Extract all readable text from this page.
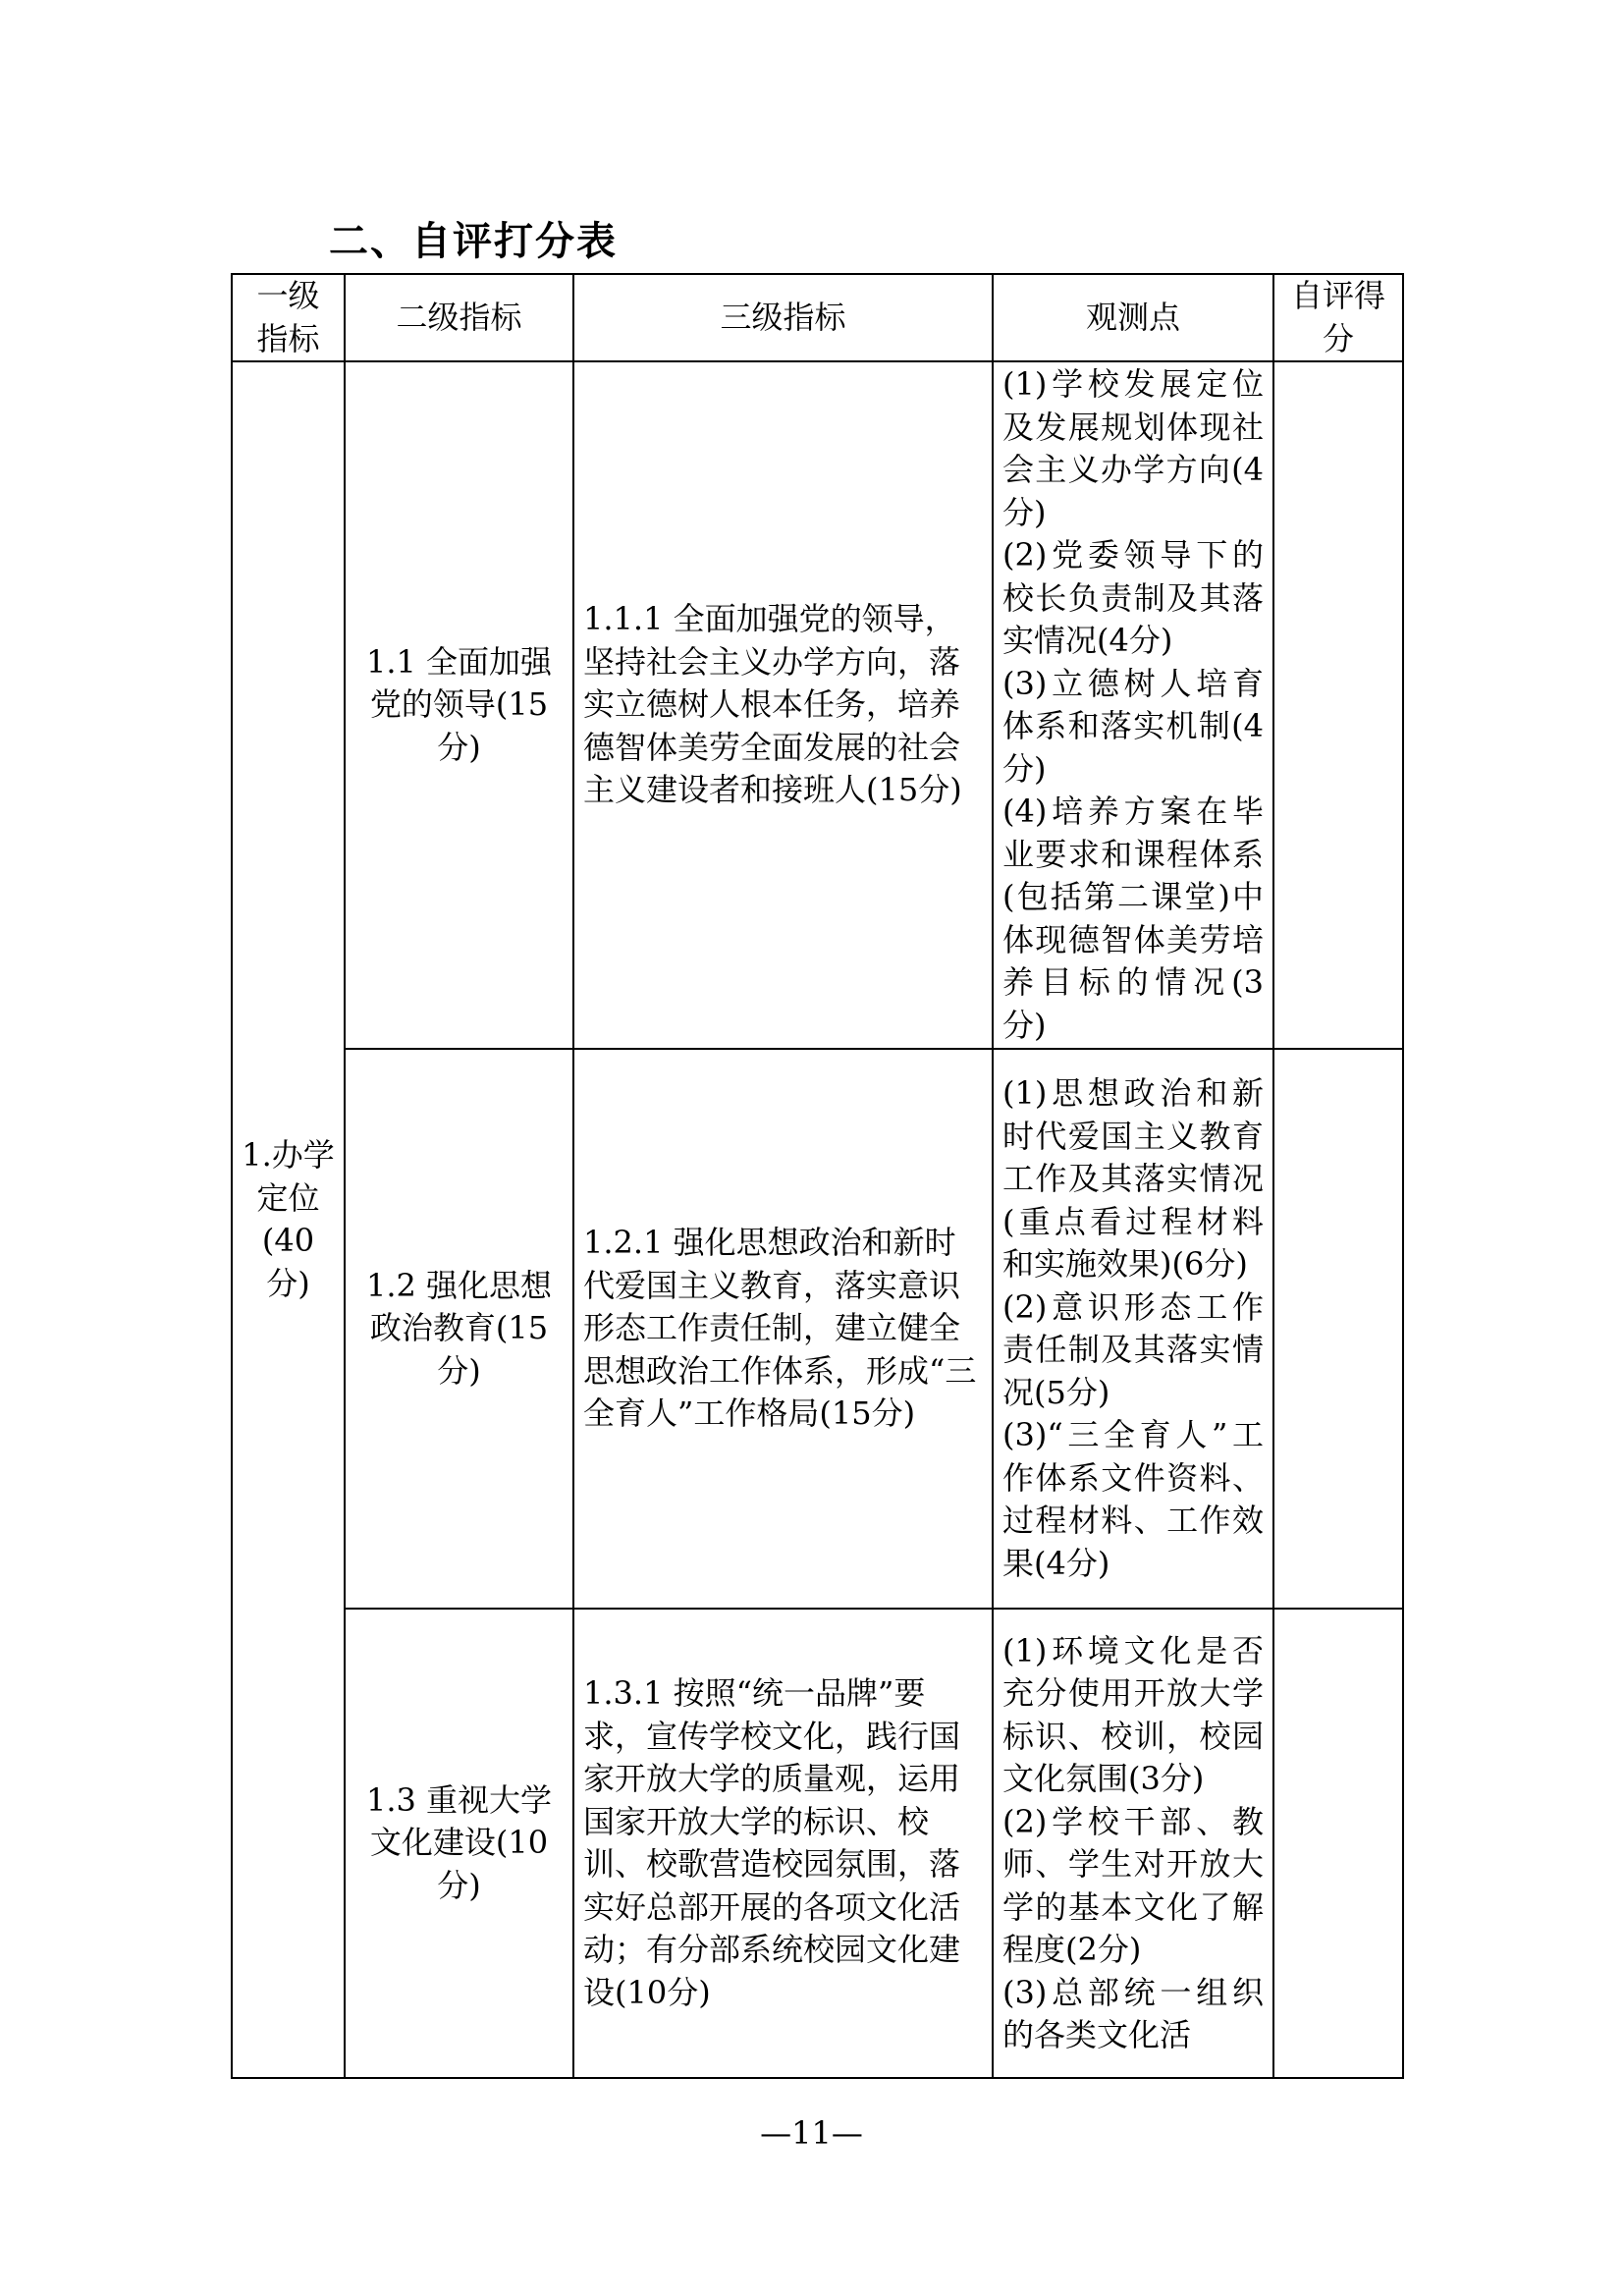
二、自评打分表
一级指标	二级指标	三级指标	观测点	自评得分
1.办学定位(40分)	1.1 全面加强党的领导(15分)	1.1.1 全面加强党的领导，坚持社会主义办学方向，落实立德树人根本任务，培养德智体美劳全面发展的社会主义建设者和接班人(15分)	(1)学校发展定位及发展规划体现社会主义办学方向(4分)
(2)党委领导下的校长负责制及其落实情况(4分)
(3)立德树人培育体系和落实机制(4分)
(4)培养方案在毕业要求和课程体系(包括第二课堂)中体现德智体美劳培养目标的情况(3分)	

	1.2 强化思想政治教育(15分)	1.2.1 强化思想政治和新时代爱国主义教育，落实意识形态工作责任制，建立健全思想政治工作体系，形成“三全育人”工作格局(15分)	(1)思想政治和新时代爱国主义教育工作及其落实情况(重点看过程材料和实施效果)(6分)
(2)意识形态工作责任制及其落实情况(5分)
(3)“三全育人”工作体系文件资料、过程材料、工作效果(4分)	

	1.3 重视大学文化建设(10分)	1.3.1 按照“统一品牌”要求，宣传学校文化，践行国家开放大学的质量观，运用国家开放大学的标识、校训、校歌营造校园氛围，落实好总部开展的各项文化活动；有分部系统校园文化建设(10分)	(1)环境文化是否充分使用开放大学标识、校训，校园文化氛围(3分)
(2)学校干部、教师、学生对开放大学的基本文化了解程度(2分)
(3)总部统一组织的各类文化活	

—11—
